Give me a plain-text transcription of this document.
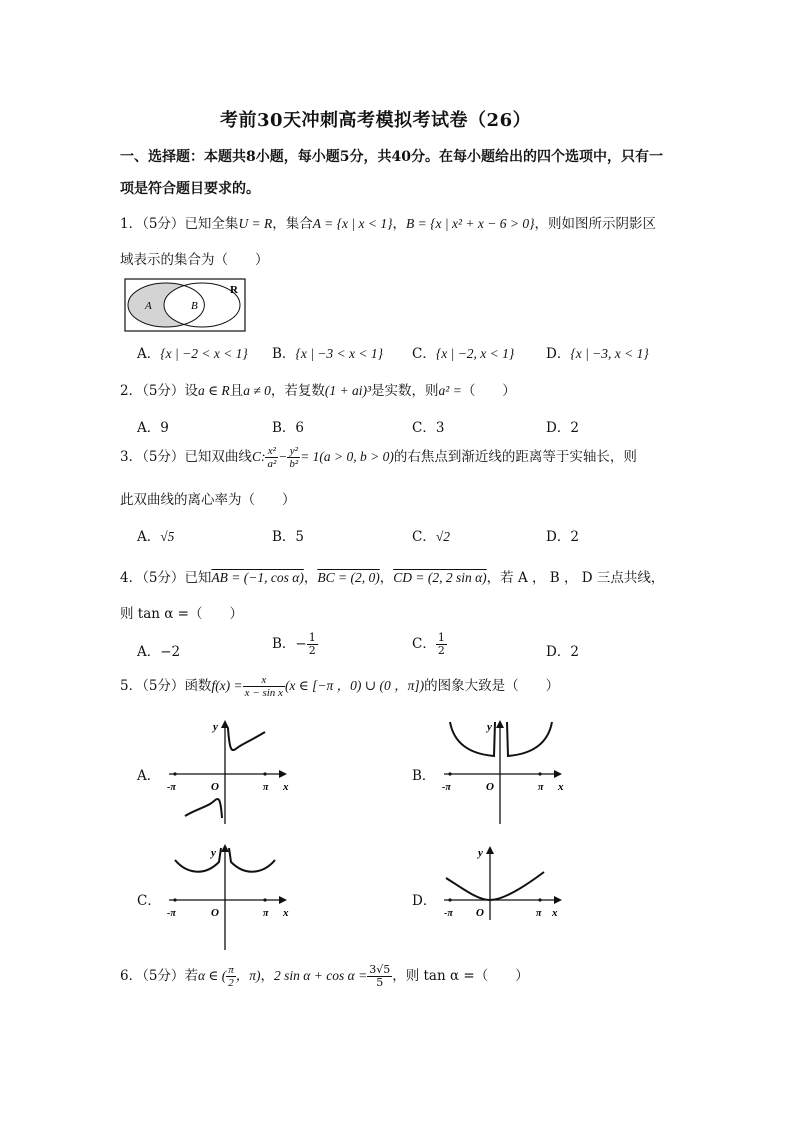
考前30天冲刺高考模拟考试卷（26）
一、选择题：本题共8小题，每小题5分，共40分。在每小题给出的四个选项中，只有一
项是符合题目要求的。
1．（5分）已知全集U = R，集合A = {x | x < 1}，B = {x | x² + x − 6 > 0}，则如图所示阴影区
域表示的集合为（　　）
R
A	B
A．{x | −2 < x < 1} B．{x | −3 < x < 1} C．{x | −2, x < 1} D．{x | −3, x < 1}
2．（5分）设a ∈ R且a ≠ 0，若复数(1 + ai)³是实数，则a² =（　　）
A．9	B．6	C．3	D．2
3．（5分）已知双曲线C: $\frac{\text{x²}}{\text{a²}} - \frac{\text{y²}}{\text{b²}} = 1(a > 0$, b > 0)的右焦点到渐近线的距离等于实轴长，则
此双曲线的离心率为（　　）
A．√5	B．5	C．√2	D．2
4．（5分）已知AB = (−1, cos α)，BC = (2, 0)，CD = (2, 2 sin α)，若 A ， B ， D 三点共线，
则 tan α =（　　）
A．−2	B．− $\frac{1}{2}$	C． $\frac{1}{2}$	D．2
5．（5分）函数$f(x) = \frac{x}{\text{x − sin x}} (x$ ∈ [−π ，0) ∪ (0 ，π])的图象大致是（　　）
A．
y
x
O
-π	π
B．
y
x
O
-π	π
C．
y
x
O
-π	π
D．
y
x
O
-π	π
6．（5分）若α ∈ ( $\frac{\pi}{2}$ ，π)，2 $\sin \alpha + \cos \alpha = \frac{3√5}{5}$ ，则 tan α =（　　）
